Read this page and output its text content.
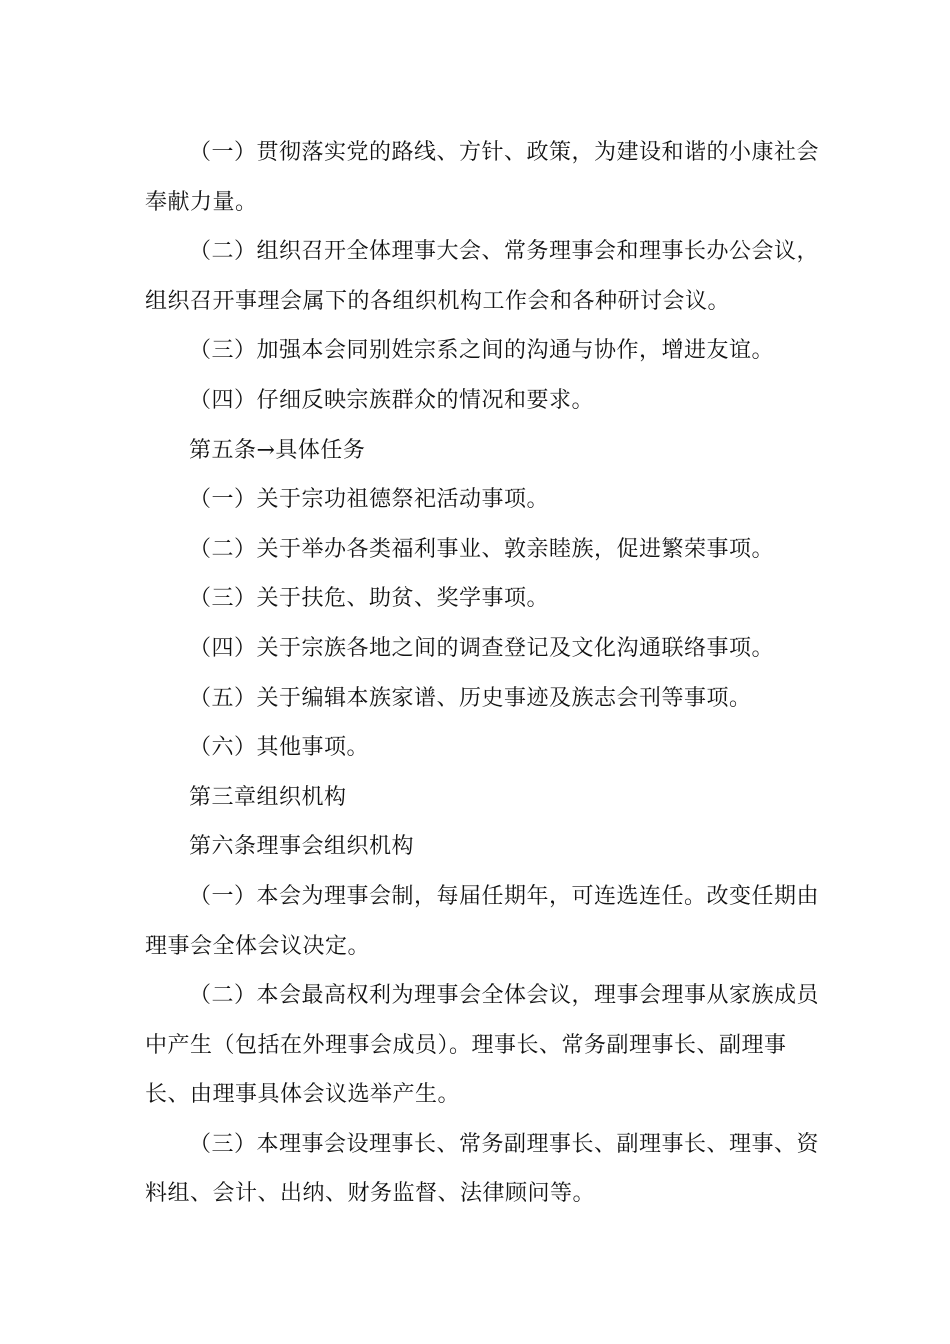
（一）贯彻落实党的路线、方针、政策，为建设和谐的小康社会奉献力量。

（二）组织召开全体理事大会、常务理事会和理事长办公会议，组织召开事理会属下的各组织机构工作会和各种研讨会议。

（三）加强本会同别姓宗系之间的沟通与协作，增进友谊。

（四）仔细反映宗族群众的情况和要求。

第五条→具体任务

（一）关于宗功祖德祭祀活动事项。

（二）关于举办各类福利事业、敦亲睦族，促进繁荣事项。

（三）关于扶危、助贫、奖学事项。

（四）关于宗族各地之间的调查登记及文化沟通联络事项。

（五）关于编辑本族家谱、历史事迹及族志会刊等事项。

（六）其他事项。

第三章组织机构

第六条理事会组织机构

（一）本会为理事会制，每届任期年，可连选连任。改变任期由理事会全体会议决定。

（二）本会最高权利为理事会全体会议，理事会理事从家族成员中产生（包括在外理事会成员）。理事长、常务副理事长、副理事长、由理事具体会议选举产生。

（三）本理事会设理事长、常务副理事长、副理事长、理事、资料组、会计、出纳、财务监督、法律顾问等。
